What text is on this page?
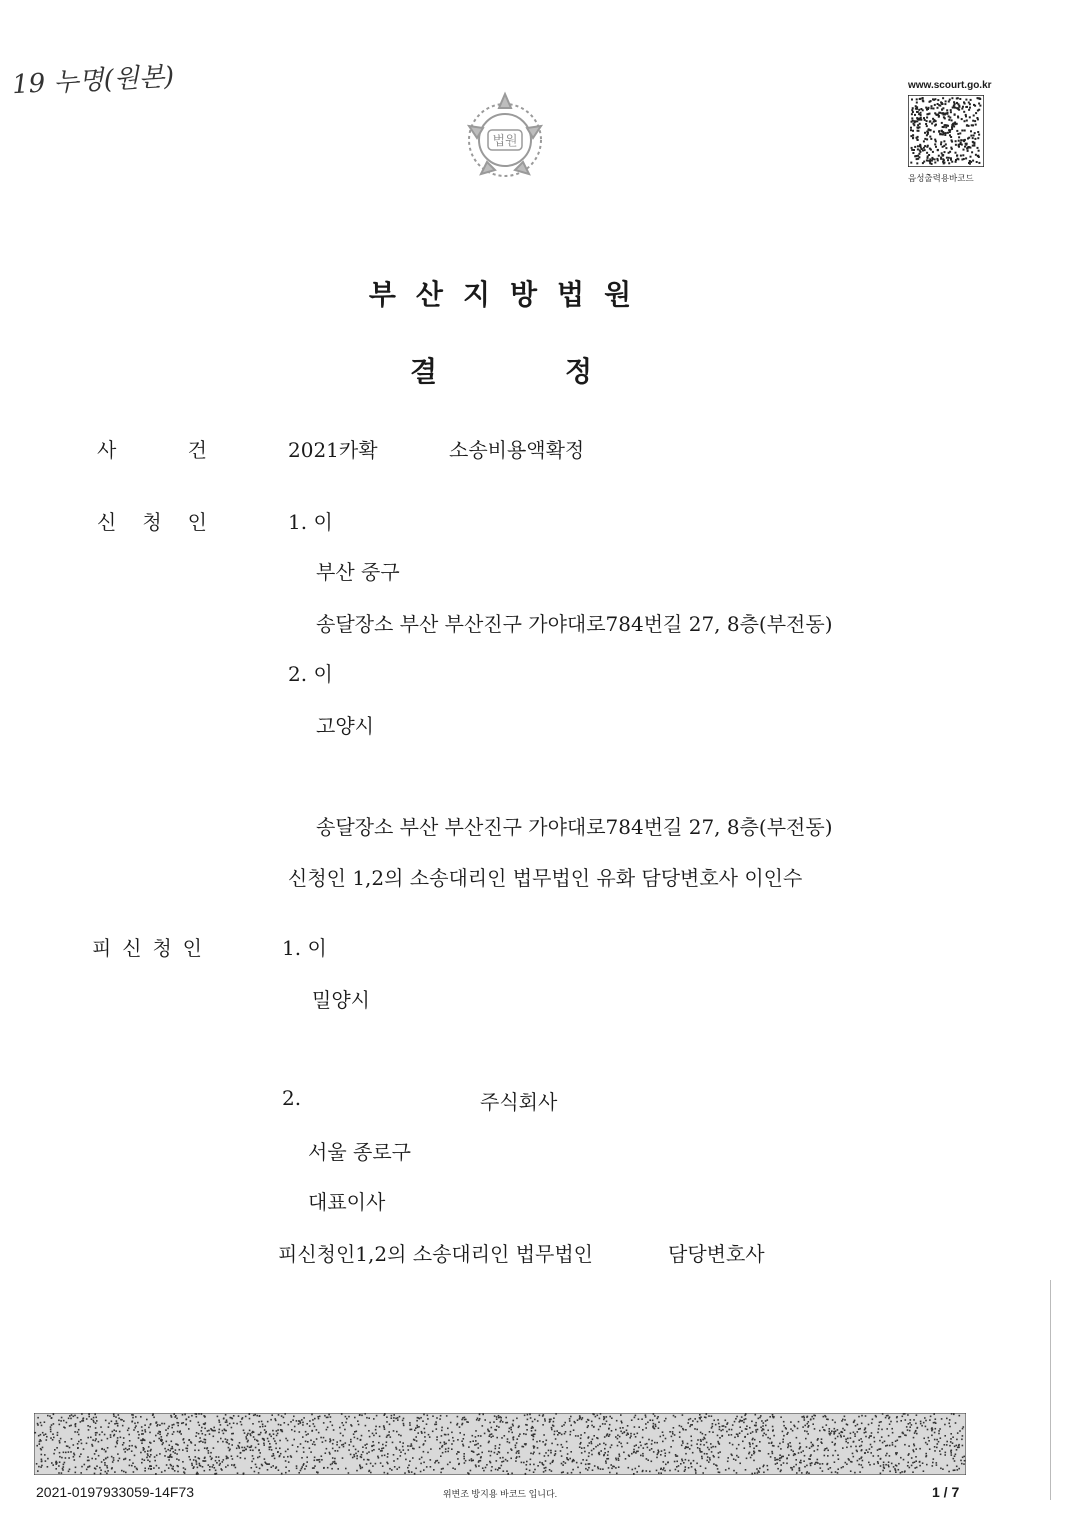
19 누명(원본)
법원
www.scourt.go.kr
음성출력용바코드
부산지방법원
결	정
사	건	2021카확	소송비용액확정
신 청 인	1. 이
부산 중구
송달장소 부산 부산진구 가야대로784번길 27, 8층(부전동)
2. 이
고양시
송달장소 부산 부산진구 가야대로784번길 27, 8층(부전동)
신청인 1,2의 소송대리인 법무법인 유화 담당변호사 이인수
피 신 청 인	1. 이
밀양시
2.	주식회사
서울 종로구
대표이사
피신청인1,2의 소송대리인 법무법인	담당변호사
2021-0197933059-14F73	위변조 방지용 바코드 입니다.	1 / 7
